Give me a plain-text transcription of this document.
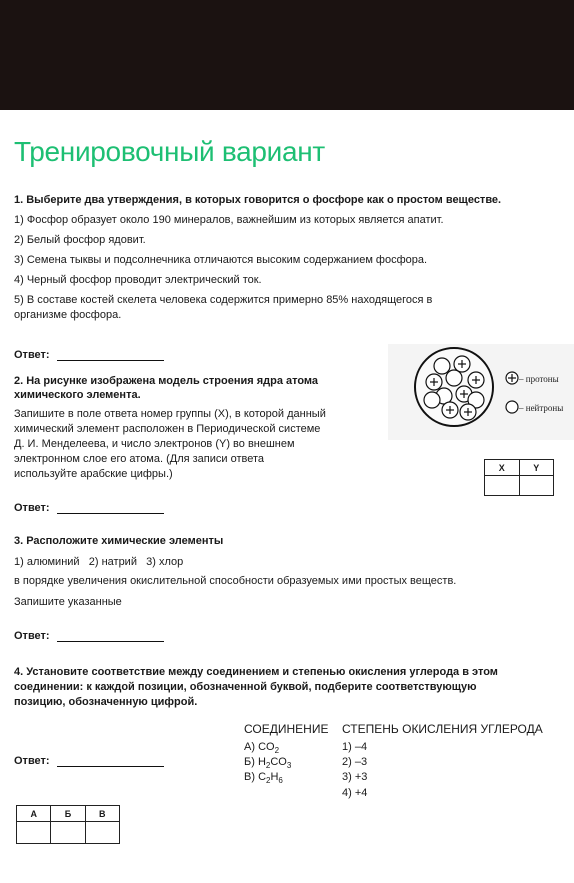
Тренировочный вариант
1. Выберите два утверждения, в которых говорится о фосфоре как о простом веществе.
1) Фосфор образует около 190 минералов, важнейшим из которых является апатит.
2) Белый фосфор ядовит.
3) Семена тыквы и подсолнечника отличаются высоким содержанием фосфора.
4) Черный фосфор проводит электрический ток.
5) В составе костей скелета человека содержится примерно 85% находящегося в
организме фосфора.
Ответ:
2. На рисунке изображена модель строения ядра атома
химического элемента.
Запишите в поле ответа номер группы (X), в которой данный
химический элемент расположен в Периодической системе
Д. И. Менделеева, и число электронов (Y) во внешнем
электронном слое его атома. (Для записи ответа
используйте арабские цифры.)
– протоны
– нейтроны
X	Y

Ответ:
3. Расположите химические элементы
1) алюминий   2) натрий   3) хлор
в порядке увеличения окислительной способности образуемых ими простых веществ.
Запишите указанные
Ответ:
4. Установите соответствие между соединением и степенью окисления углерода в этом
соединении: к каждой позиции, обозначенной буквой, подберите соответствующую
позицию, обозначенную цифрой.
СОЕДИНЕНИЕ СТЕПЕНЬ ОКИСЛЕНИЯ УГЛЕРОДА
А) $CO_2$
Б) $H_2CO_3$
В) $C_2H_6$
1) –4
2) –3
3) +3
4) +4
Ответ:
А	Б	В
